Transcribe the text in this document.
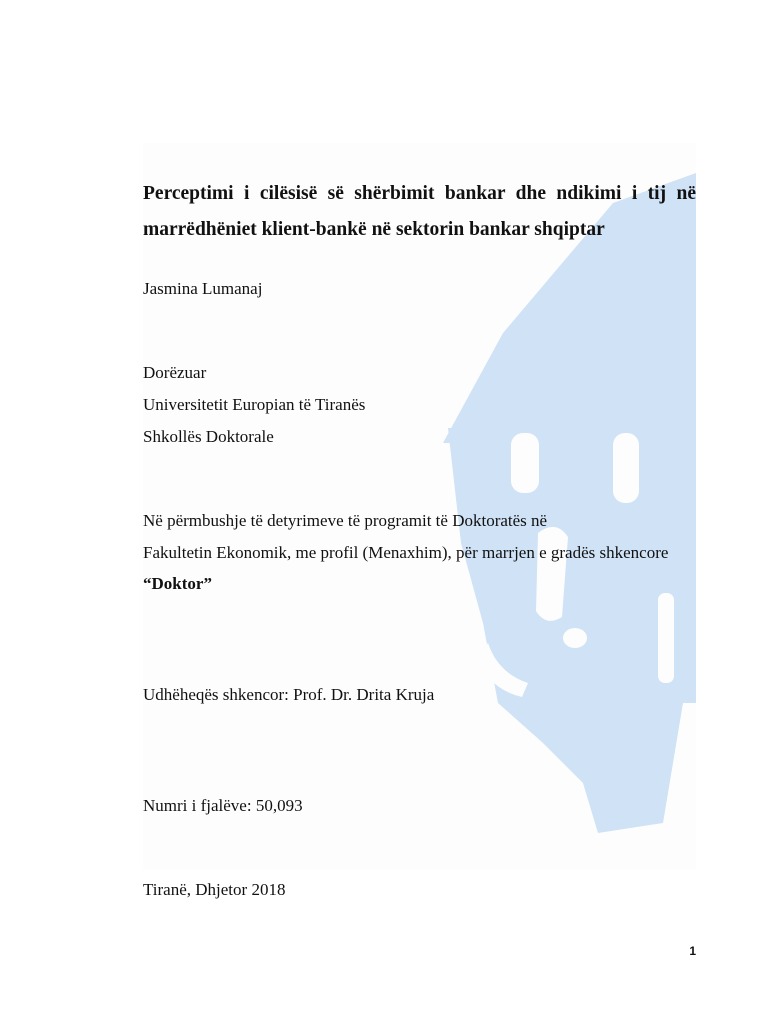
Perceptimi i cilësisë së shërbimit bankar dhe ndikimi i tij në marrëdhëniet klient-bankë në sektorin bankar shqiptar

Jasmina Lumanaj

Dorëzuar

Universitetit Europian të Tiranës

Shkollës Doktorale

Në përmbushje të detyrimeve të programit të Doktoratës në

Fakultetin Ekonomik, me profil (Menaxhim), për marrjen e gradës shkencore

“Doktor”

Udhëheqës shkencor: Prof. Dr. Drita Kruja

Numri i fjalëve: 50,093

Tiranë, Dhjetor 2018

1
